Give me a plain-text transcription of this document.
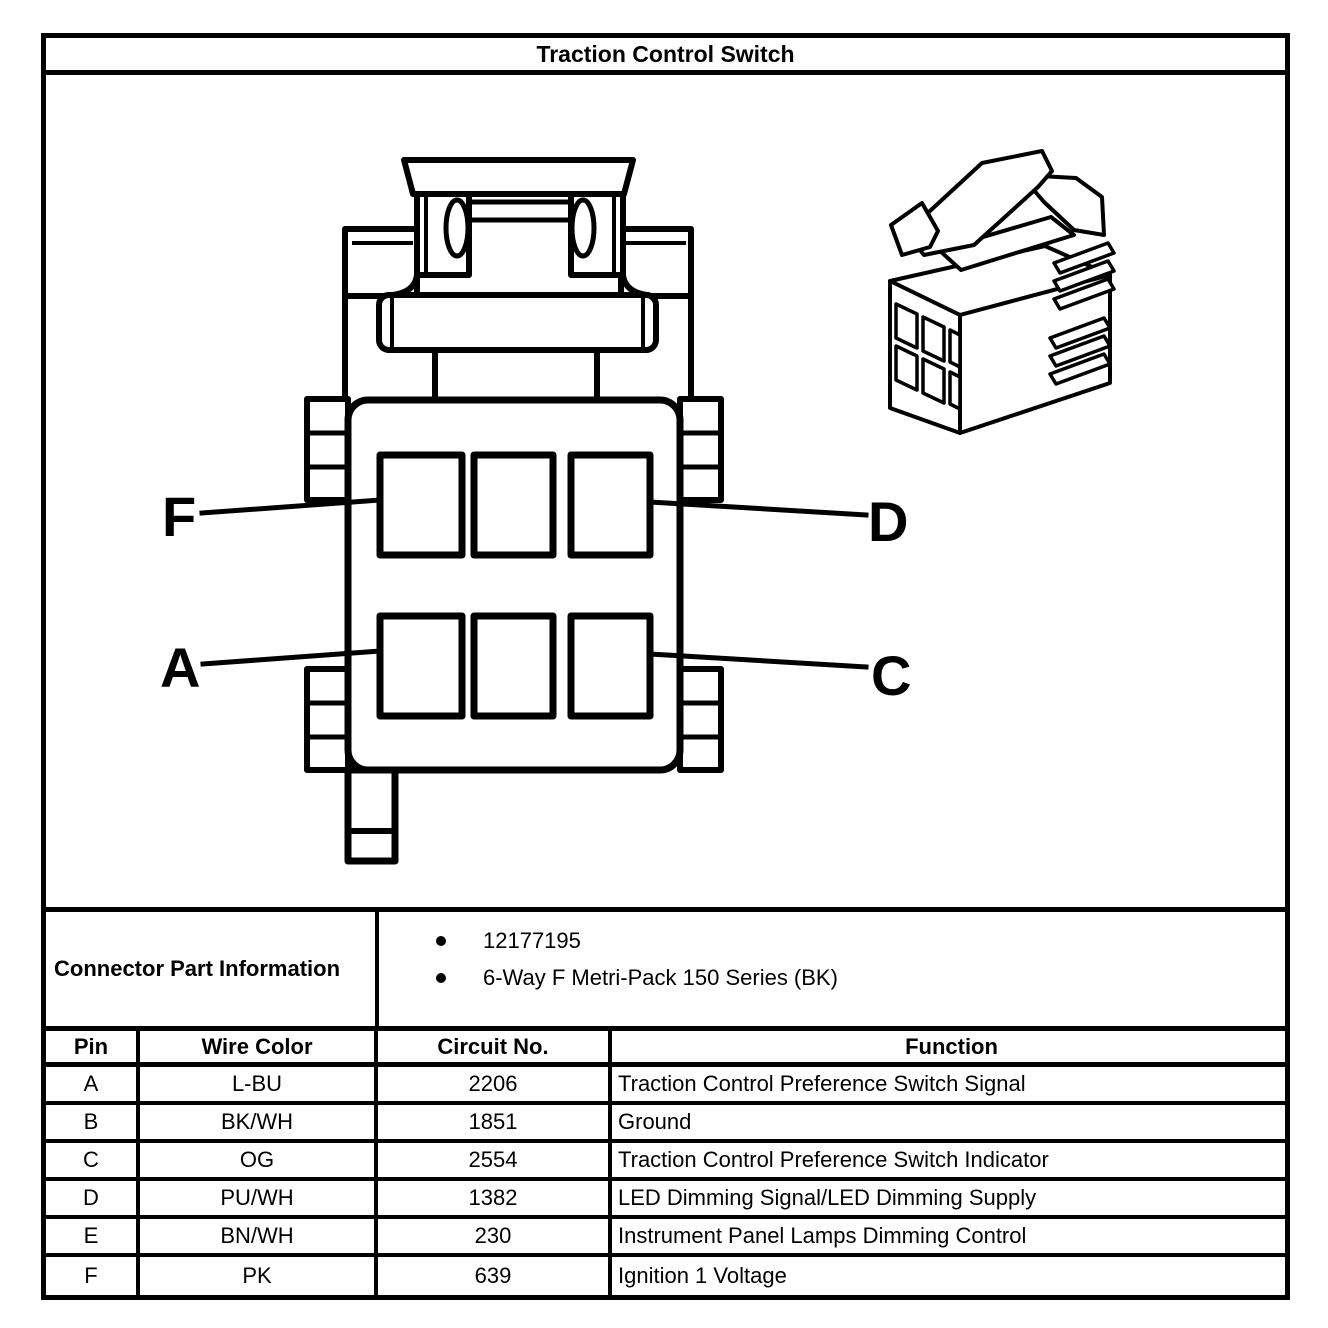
Traction Control Switch
F
A
D
C
Connector Part Information
12177195
6-Way F Metri-Pack 150 Series (BK)
Pin	Wire Color	Circuit No.	Function
A	L-BU	2206	Traction Control Preference Switch Signal
B	BK/WH	1851	Ground
C	OG	2554	Traction Control Preference Switch Indicator
D	PU/WH	1382	LED Dimming Signal/LED Dimming Supply
E	BN/WH	230	Instrument Panel Lamps Dimming Control
F	PK	639	Ignition 1 Voltage
